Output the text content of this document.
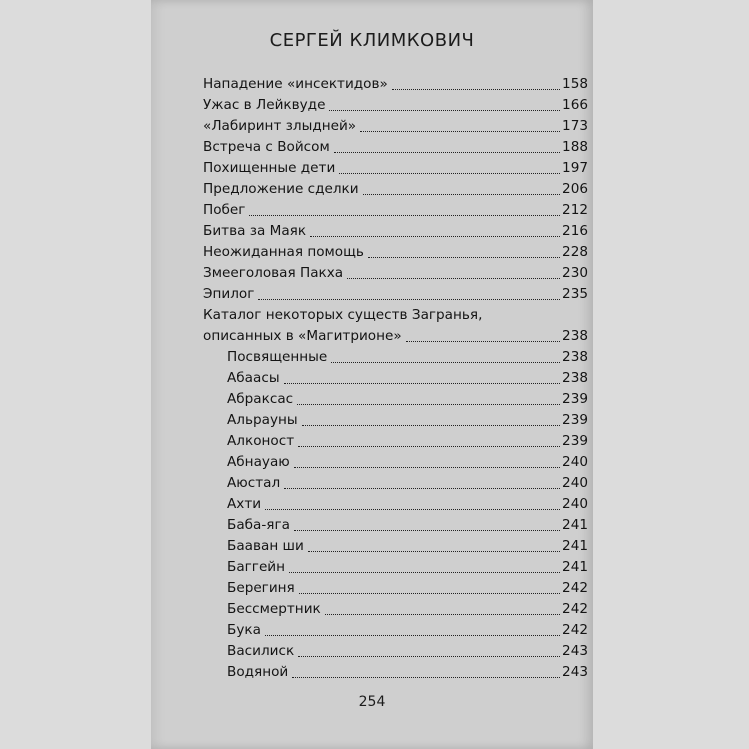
СЕРГЕЙ КЛИМКОВИЧ
Нападение «инсектидов»	158
Ужас в Лейквуде	166
«Лабиринт злыдней»	173
Встреча с Войсом	188
Похищенные дети	197
Предложение сделки	206
Побег	212
Битва за Маяк	216
Неожиданная помощь	228
Змееголовая Пакха	230
Эпилог	235
Каталог некоторых существ Загранья,
описанных в «Магитрионе»	238
Посвященные	238
Абаасы	238
Абраксас	239
Альрауны	239
Алконост	239
Абнауаю	240
Аюстал	240
Ахти	240
Баба-яга	241
Бааван ши	241
Баггейн	241
Берегиня	242
Бессмертник	242
Бука	242
Василиск	243
Водяной	243
254
